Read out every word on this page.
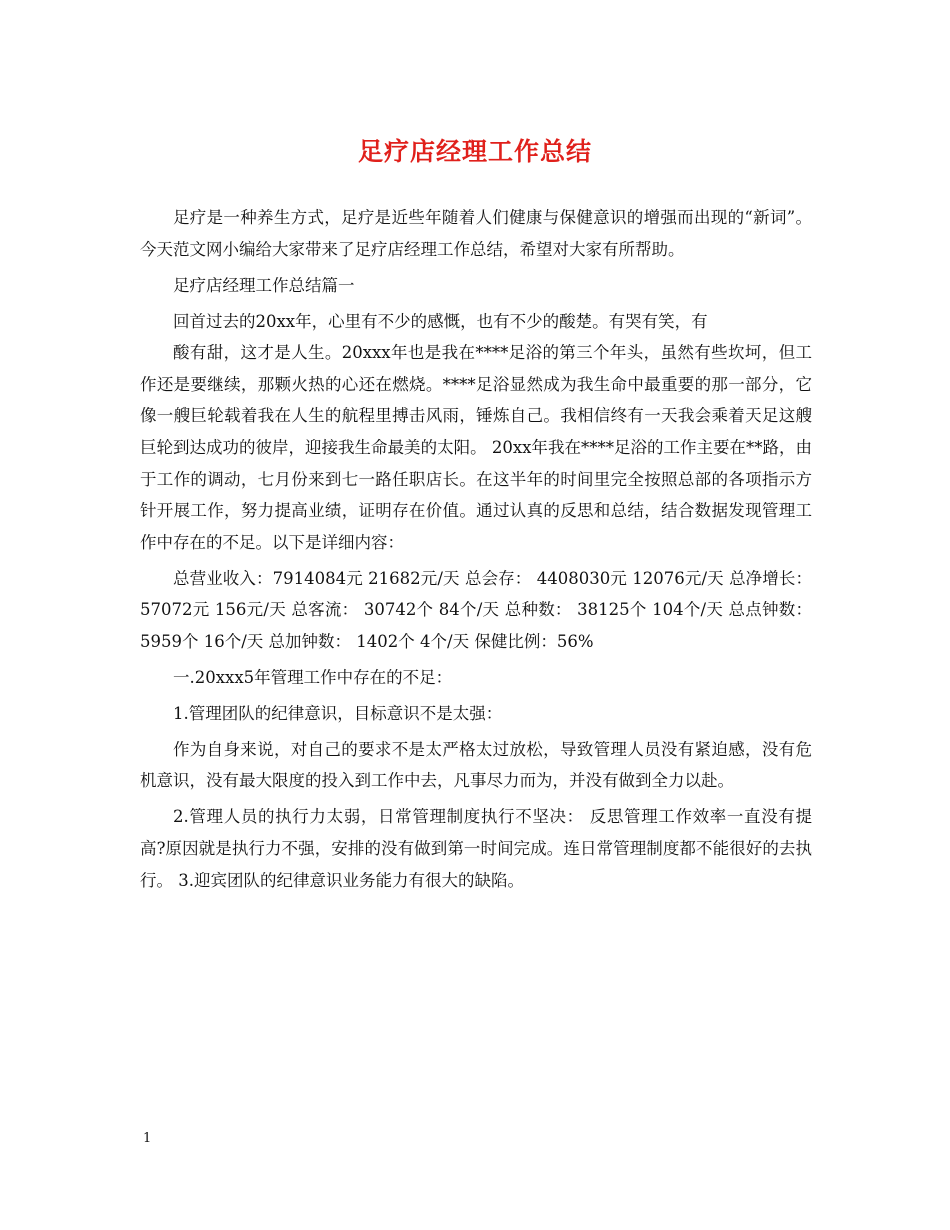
足疗店经理工作总结

足疗是一种养生方式，足疗是近些年随着人们健康与保健意识的增强而出现的“新词”。今天范文网小编给大家带来了足疗店经理工作总结，希望对大家有所帮助。

足疗店经理工作总结篇一

回首过去的20xx年，心里有不少的感慨，也有不少的酸楚。有哭有笑，有

酸有甜，这才是人生。20xxx年也是我在****足浴的第三个年头，虽然有些坎坷，但工作还是要继续，那颗火热的心还在燃烧。****足浴显然成为我生命中最重要的那一部分，它像一艘巨轮载着我在人生的航程里搏击风雨，锤炼自己。我相信终有一天我会乘着天足这艘巨轮到达成功的彼岸，迎接我生命最美的太阳。 20xx年我在****足浴的工作主要在**路，由于工作的调动，七月份来到七一路任职店长。在这半年的时间里完全按照总部的各项指示方针开展工作，努力提高业绩，证明存在价值。通过认真的反思和总结，结合数据发现管理工作中存在的不足。以下是详细内容：

总营业收入：7914084元 21682元/天 总会存： 4408030元 12076元/天 总净增长： 57072元 156元/天 总客流： 30742个 84个/天 总种数： 38125个 104个/天 总点钟数： 5959个 16个/天 总加钟数： 1402个 4个/天 保健比例：56%

一.20xxx5年管理工作中存在的不足：

1.管理团队的纪律意识，目标意识不是太强：

作为自身来说，对自己的要求不是太严格太过放松，导致管理人员没有紧迫感，没有危机意识，没有最大限度的投入到工作中去，凡事尽力而为，并没有做到全力以赴。

2.管理人员的执行力太弱，日常管理制度执行不坚决： 反思管理工作效率一直没有提高?原因就是执行力不强，安排的没有做到第一时间完成。连日常管理制度都不能很好的去执行。 3.迎宾团队的纪律意识业务能力有很大的缺陷。

1
